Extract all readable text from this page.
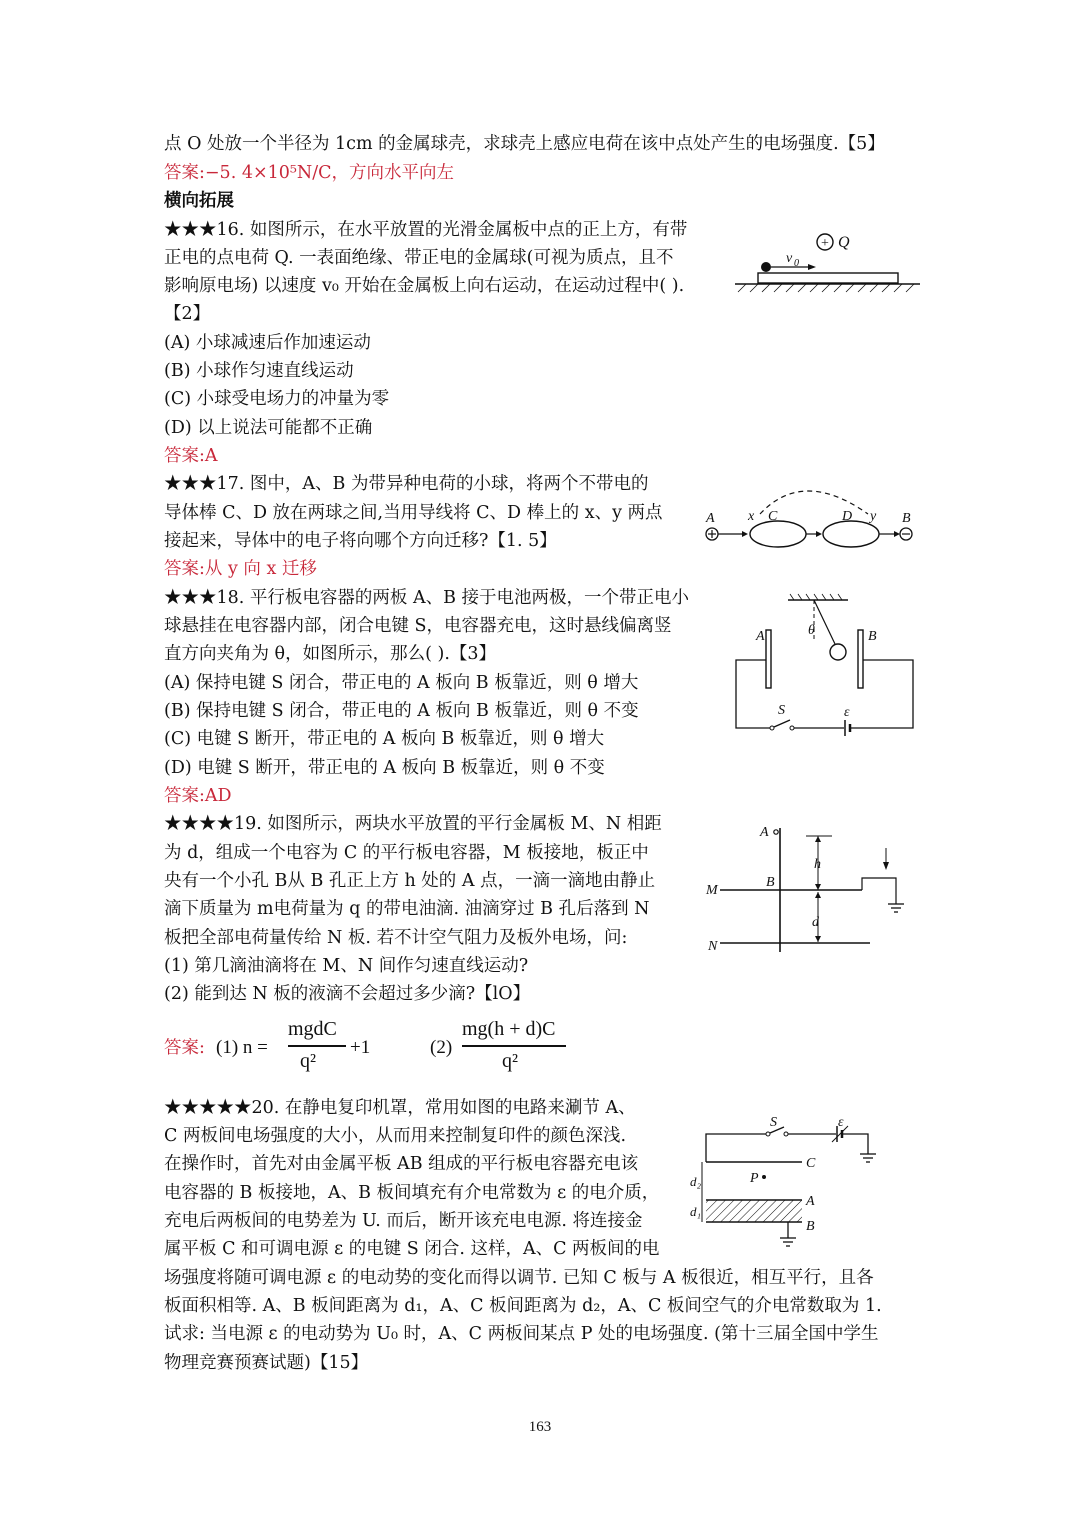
点 O 处放一个半径为 1cm 的金属球壳，求球壳上感应电荷在该中点处产生的电场强度.【5】
答案:−5. 4×10⁵N/C，方向水平向左
横向拓展
★★★16. 如图所示，在水平放置的光滑金属板中点的正上方，有带
正电的点电荷 Q. 一表面绝缘、带正电的金属球(可视为质点，且不
影响原电场) 以速度 v₀ 开始在金属板上向右运动，在运动过程中( ).
【2】
(A) 小球减速后作加速运动
(B) 小球作匀速直线运动
(C) 小球受电场力的冲量为零
(D) 以上说法可能都不正确
答案:A
+ Q
v 0
★★★17. 图中，A、B 为带异种电荷的小球，将两个不带电的
导体棒 C、D 放在两球之间,当用导线将 C、D 棒上的 x、y 两点
接起来，导体中的电子将向哪个方向迁移?【1. 5】
答案:从 y 向 x 迁移
A	B
x C	D y
★★★18. 平行板电容器的两板 A、B 接于电池两极，一个带正电小
球悬挂在电容器内部，闭合电键 S，电容器充电，这时悬线偏离竖
直方向夹角为 θ，如图所示，那么( ).【3】
(A) 保持电键 S 闭合，带正电的 A 板向 B 板靠近，则 θ 增大
(B) 保持电键 S 闭合，带正电的 A 板向 B 板靠近，则 θ 不变
(C) 电键 S 断开，带正电的 A 板向 B 板靠近，则 θ 增大
(D) 电键 S 断开，带正电的 A 板向 B 板靠近，则 θ 不变
答案:AD
θ
A	B
S	ε
★★★★19. 如图所示，两块水平放置的平行金属板 M、N 相距
为 d，组成一个电容为 C 的平行板电容器，M 板接地，板正中
央有一个小孔 B从 B 孔正上方 h 处的 A 点，一滴一滴地由静止
滴下质量为 m电荷量为 q 的带电油滴. 油滴穿过 B 孔后落到 N
板把全部电荷量传给 N 板. 若不计空气阻力及板外电场，问:
(1) 第几滴油滴将在 M、N 间作匀速直线运动?
(2) 能到达 N 板的液滴不会超过多少滴?【lO】
答案: (1) n =
mgdC
q²
+1	(2)
mg(h + d)C
q²
A
h
M
B
d
N
★★★★★20. 在静电复印机罩，常用如图的电路来涮节 A、
C 两板间电场强度的大小，从而用来控制复印件的颜色深浅.
在操作时，首先对由金属平板 AB 组成的平行板电容器充电该
电容器的 B 板接地，A、B 板间填充有介电常数为 ε 的电介质，
充电后两板间的电势差为 U. 而后，断开该充电电源. 将连接金
属平板 C 和可调电源 ε 的电键 S 闭合. 这样，A、C 两板间的电
场强度将随可调电源 ε 的电动势的变化而得以调节. 已知 C 板与 A 板很近，相互平行，且各
板面积相等. A、B 板间距离为 d₁，A、C 板间距离为 d₂，A、C 板间空气的介电常数取为 1.
试求: 当电源 ε 的电动势为 U₀ 时，A、C 两板间某点 P 处的电场强度. (第十三届全国中学生
物理竞赛预赛试题)【15】
S	ε
C
P
A
B
d₂
d₁
163
